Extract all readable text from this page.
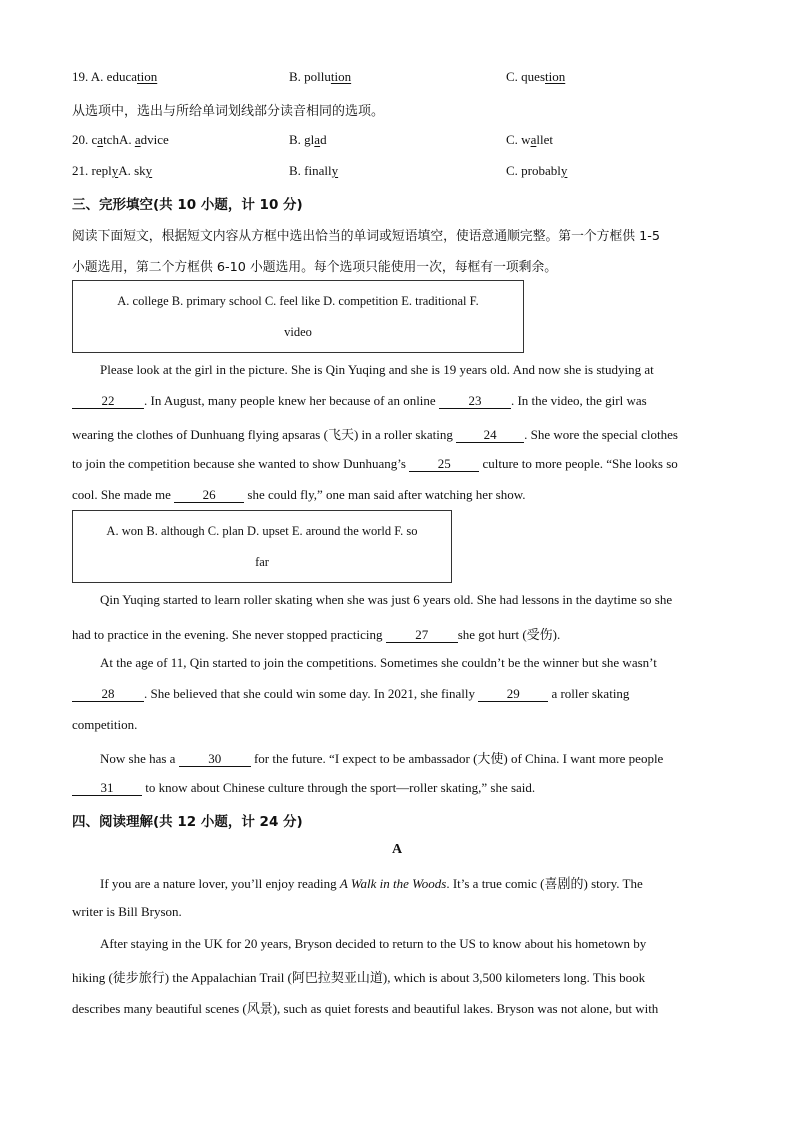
19. A. education	B. pollution	C. question
从选项中，选出与所给单词划线部分读音相同的选项。
20. catchA. advice	B. glad	C. wallet
21. replyA. sky	B. finally	C. probably
三、完形填空(共 10 小题，计 10 分)
阅读下面短文，根据短文内容从方框中选出恰当的单词或短语填空，使语意通顺完整。第一个方框供 1-5
小题选用，第二个方框供 6-10 小题选用。每个选项只能使用一次，每框有一项剩余。
A. college B. primary school C. feel like D. competition E. traditional F.
video
Please look at the girl in the picture. She is Qin Yuqing and she is 19 years old. And now she is studying at
22 . In August, many people knew her because of an online 23 . In the video, the girl was
wearing the clothes of Dunhuang flying apsaras (飞天) in a roller skating 24 . She wore the special clothes
to join the competition because she wanted to show Dunhuang’s 25 culture to more people. “She looks so
cool. She made me 26 she could fly,” one man said after watching her show.
A. won B. although C. plan D. upset E. around the world F. so
far
Qin Yuqing started to learn roller skating when she was just 6 years old. She had lessons in the daytime so she
had to practice in the evening. She never stopped practicing 27 she got hurt (受伤).
At the age of 11, Qin started to join the competitions. Sometimes she couldn’t be the winner but she wasn’t
28 . She believed that she could win some day. In 2021, she finally 29 a roller skating
competition.
Now she has a 30 for the future. “I expect to be ambassador (大使) of China. I want more people
31 to know about Chinese culture through the sport—roller skating,” she said.
四、阅读理解(共 12 小题，计 24 分)
A
If you are a nature lover, you’ll enjoy reading A Walk in the Woods. It’s a true comic (喜剧的) story. The
writer is Bill Bryson.
After staying in the UK for 20 years, Bryson decided to return to the US to know about his hometown by
hiking (徒步旅行) the Appalachian Trail (阿巴拉契亚山道), which is about 3,500 kilometers long. This book
describes many beautiful scenes (风景), such as quiet forests and beautiful lakes. Bryson was not alone, but with
